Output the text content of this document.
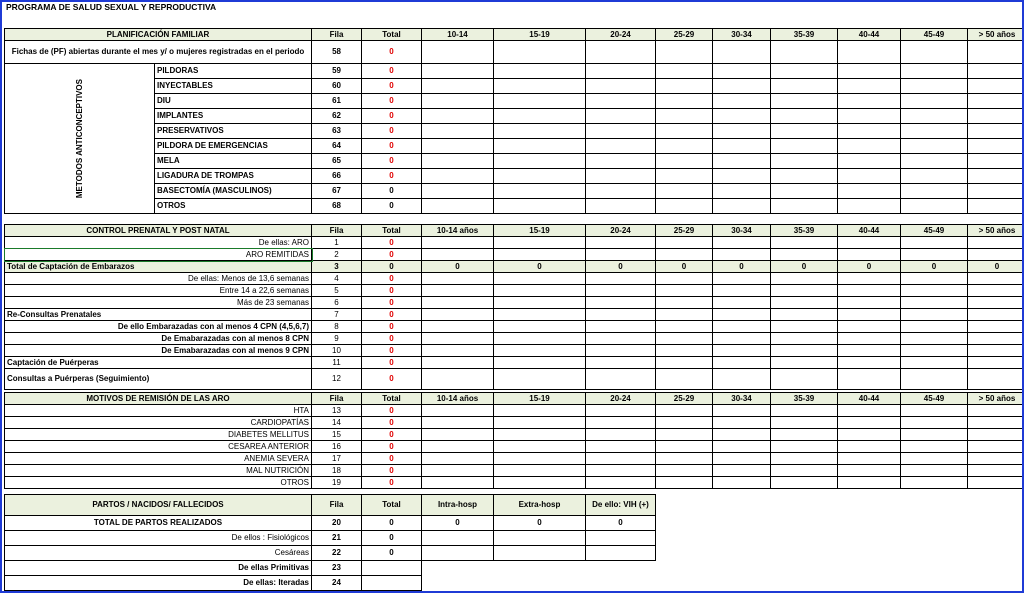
PROGRAMA DE SALUD SEXUAL Y REPRODUCTIVA
PLANIFICACIÓN FAMILIAR		Fila	Total	10-14	15-19	20-24	25-29	30-34	35-39	40-44	45-49	> 50 años
Fichas de (PF) abiertas durante el mes y/ o mujeres registradas en el periodo		58	0									

METODOS ANTICONCEPTIVOS	PILDORAS	59	0									
	INYECTABLES	60	0									
	DIU	61	0									
	IMPLANTES	62	0									
	PRESERVATIVOS	63	0									
	PILDORA DE EMERGENCIAS	64	0									
	MELA	65	0									
	LIGADURA DE TROMPAS	66	0									
	BASECTOMÍA (MASCULINOS)	67	0									
	OTROS	68	0									
CONTROL PRENATAL Y POST NATAL	Fila	Total	10-14 años	15-19	20-24	25-29	30-34	35-39	40-44	45-49	> 50 años
De ellas: ARO	1	0									
ARO REMITIDAS	2	0									
Total de Captación de Embarazos	3	0	0	0	0	0	0	0	0	0	0
De ellas: Menos de 13,6 semanas	4	0									
Entre 14 a 22,6 semanas	5	0									
Más de 23 semanas	6	0									
Re-Consultas Prenatales	7	0									
De ello Embarazadas con al menos 4 CPN (4,5,6,7)	8	0									
De Emabarazadas con al menos 8 CPN	9	0									
De Emabarazadas con al menos 9 CPN	10	0									
Captación de Puérperas	11	0									
Consultas a Puérperas (Seguimiento)	12	0									
MOTIVOS DE REMISIÓN DE LAS ARO	Fila	Total	10-14 años	15-19	20-24	25-29	30-34	35-39	40-44	45-49	> 50 años
HTA	13	0									
CARDIOPATÍAS	14	0									
DIABETES MELLITUS	15	0									
CESAREA ANTERIOR	16	0									
ANEMIA SEVERA	17	0									
MAL NUTRICIÓN	18	0									
OTROS	19	0									
PARTOS / NACIDOS/ FALLECIDOS	Fila	Total	Intra-hosp	Extra-hosp	De ello: VIH (+)
TOTAL DE PARTOS REALIZADOS	20	0	0	0	0
De ellos : Fisiológicos	21	0			
Cesáreas	22	0			
De ellas Primitivas	23				
De ellas: Iteradas	24				
